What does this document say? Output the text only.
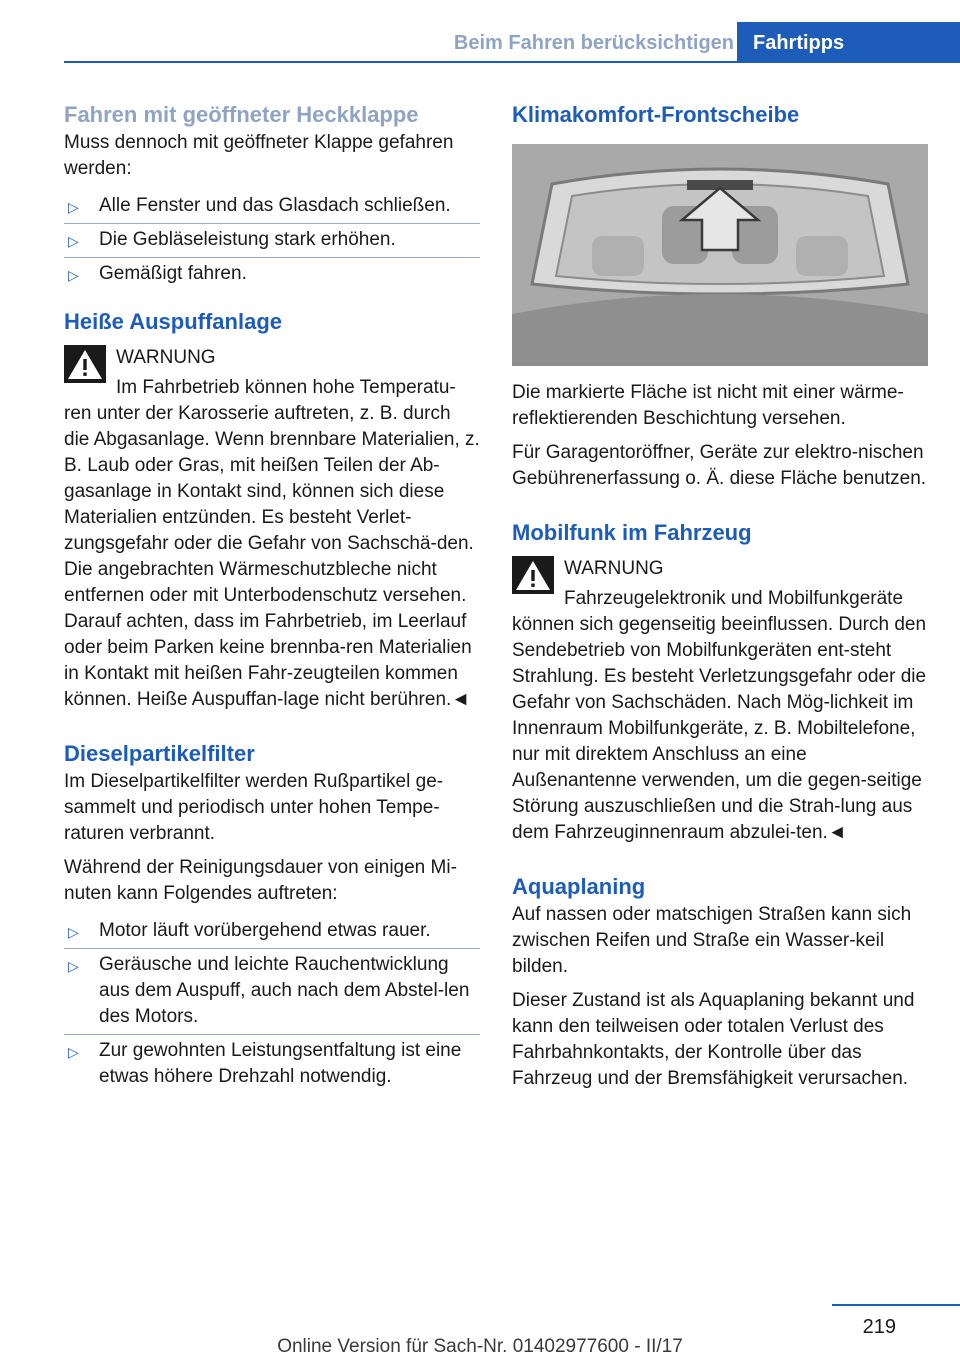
Beim Fahren berücksichtigen Fahrtipps
Fahren mit geöffneter Heckklappe

Muss dennoch mit geöffneter Klappe gefahren werden:

▷ Alle Fenster und das Glasdach schließen.
▷ Die Gebläseleistung stark erhöhen.
▷ Gemäßigt fahren.
Heiße Auspuffanlage

WARNUNG

Im Fahrbetrieb können hohe Temperatu-

ren unter der Karosserie auftreten, z. B. durch die Abgasanlage. Wenn brennbare Materialien, z. B. Laub oder Gras, mit heißen Teilen der Ab-gasanlage in Kontakt sind, können sich diese Materialien entzünden. Es besteht Verlet-zungsgefahr oder die Gefahr von Sachschä-den. Die angebrachten Wärmeschutzbleche nicht entfernen oder mit Unterbodenschutz versehen. Darauf achten, dass im Fahrbetrieb, im Leerlauf oder beim Parken keine brennba-ren Materialien in Kontakt mit heißen Fahr-zeugteilen kommen können. Heiße Auspuffan-lage nicht berühren.◄

Dieselpartikelfilter

Im Dieselpartikelfilter werden Rußpartikel ge-sammelt und periodisch unter hohen Tempe-raturen verbrannt.

Während der Reinigungsdauer von einigen Mi-nuten kann Folgendes auftreten:

▷ Motor läuft vorübergehend etwas rauer.
▷ Geräusche und leichte Rauchentwicklung aus dem Auspuff, auch nach dem Abstel-len des Motors.
▷ Zur gewohnten Leistungsentfaltung ist eine etwas höhere Drehzahl notwendig.
Klimakomfort-Frontscheibe

Die markierte Fläche ist nicht mit einer wärme-reflektierenden Beschichtung versehen.

Für Garagentoröffner, Geräte zur elektro-nischen Gebührenerfassung o. Ä. diese Fläche benutzen.

Mobilfunk im Fahrzeug

WARNUNG

Fahrzeugelektronik und Mobilfunkgeräte

können sich gegenseitig beeinflussen. Durch den Sendebetrieb von Mobilfunkgeräten ent-steht Strahlung. Es besteht Verletzungsgefahr oder die Gefahr von Sachschäden. Nach Mög-lichkeit im Innenraum Mobilfunkgeräte, z. B. Mobiltelefone, nur mit direktem Anschluss an eine Außenantenne verwenden, um die gegen-seitige Störung auszuschließen und die Strah-lung aus dem Fahrzeuginnenraum abzulei-ten.◄

Aquaplaning

Auf nassen oder matschigen Straßen kann sich zwischen Reifen und Straße ein Wasser-keil bilden.

Dieser Zustand ist als Aquaplaning bekannt und kann den teilweisen oder totalen Verlust des Fahrbahnkontakts, der Kontrolle über das Fahrzeug und der Bremsfähigkeit verursachen.

219
Online Version für Sach-Nr. 01402977600 - II/17
